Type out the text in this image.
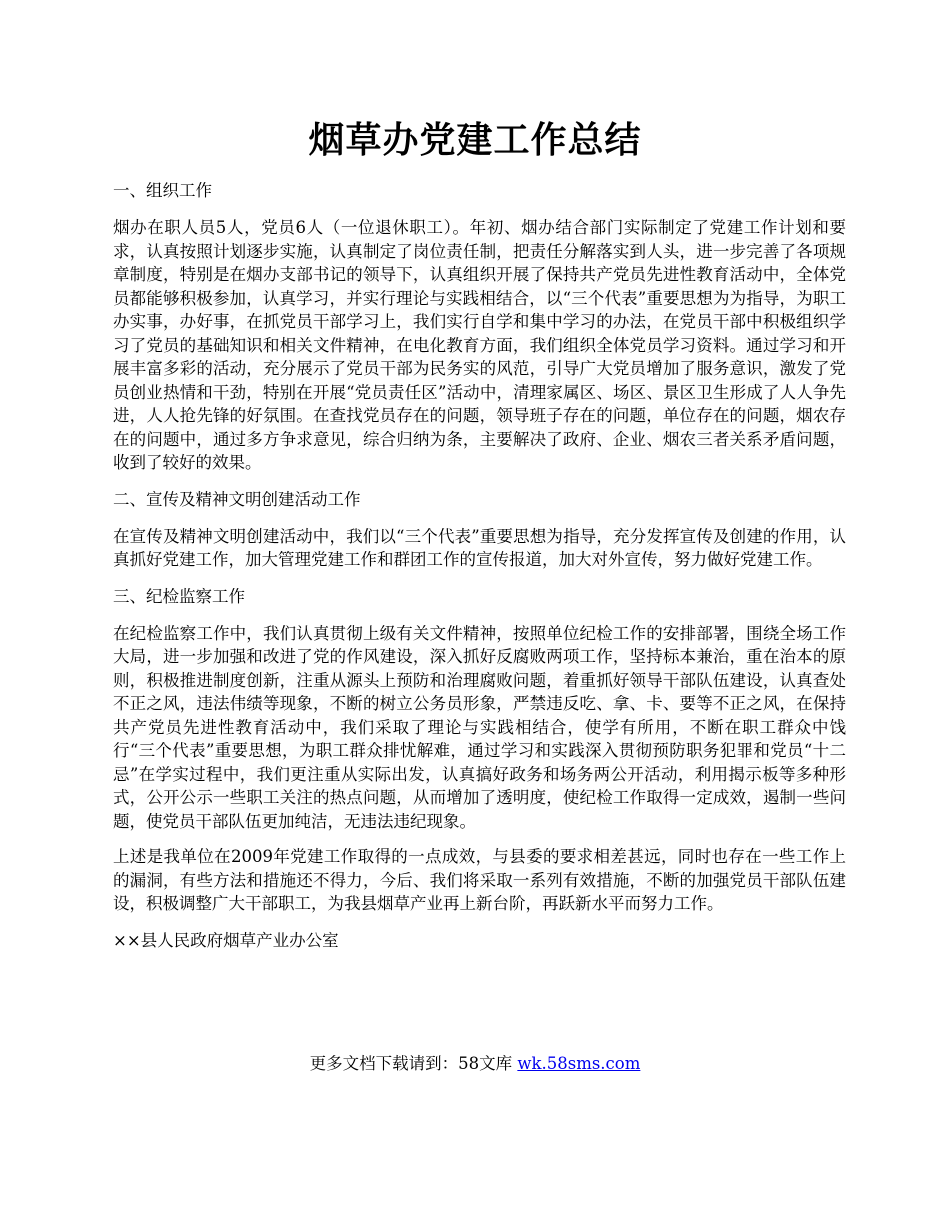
烟草办党建工作总结
一、组织工作

烟办在职人员5人，党员6人（一位退休职工）。年初、烟办结合部门实际制定了党建工作计划和要求，认真按照计划逐步实施，认真制定了岗位责任制，把责任分解落实到人头，进一步完善了各项规章制度，特别是在烟办支部书记的领导下，认真组织开展了保持共产党员先进性教育活动中，全体党员都能够积极参加，认真学习，并实行理论与实践相结合，以“三个代表”重要思想为为指导，为职工办实事，办好事，在抓党员干部学习上，我们实行自学和集中学习的办法，在党员干部中积极组织学习了党员的基础知识和相关文件精神，在电化教育方面，我们组织全体党员学习资料。通过学习和开展丰富多彩的活动，充分展示了党员干部为民务实的风范，引导广大党员增加了服务意识，激发了党员创业热情和干劲，特别在开展“党员责任区”活动中，清理家属区、场区、景区卫生形成了人人争先进，人人抢先锋的好氛围。在查找党员存在的问题，领导班子存在的问题，单位存在的问题，烟农存在的问题中，通过多方争求意见，综合归纳为条，主要解决了政府、企业、烟农三者关系矛盾问题，收到了较好的效果。

二、宣传及精神文明创建活动工作

在宣传及精神文明创建活动中，我们以“三个代表”重要思想为指导，充分发挥宣传及创建的作用，认真抓好党建工作，加大管理党建工作和群团工作的宣传报道，加大对外宣传，努力做好党建工作。

三、纪检监察工作

在纪检监察工作中，我们认真贯彻上级有关文件精神，按照单位纪检工作的安排部署，围绕全场工作大局，进一步加强和改进了党的作风建设，深入抓好反腐败两项工作，坚持标本兼治，重在治本的原则，积极推进制度创新，注重从源头上预防和治理腐败问题，着重抓好领导干部队伍建设，认真查处不正之风，违法伟绩等现象，不断的树立公务员形象，严禁违反吃、拿、卡、要等不正之风，在保持共产党员先进性教育活动中，我们采取了理论与实践相结合，使学有所用，不断在职工群众中饯行“三个代表”重要思想，为职工群众排忧解难，通过学习和实践深入贯彻预防职务犯罪和党员“十二忌”在学实过程中，我们更注重从实际出发，认真搞好政务和场务两公开活动，利用揭示板等多种形式，公开公示一些职工关注的热点问题，从而增加了透明度，使纪检工作取得一定成效，遏制一些问题，使党员干部队伍更加纯洁，无违法违纪现象。

上述是我单位在2009年党建工作取得的一点成效，与县委的要求相差甚远，同时也存在一些工作上的漏洞，有些方法和措施还不得力，今后、我们将采取一系列有效措施，不断的加强党员干部队伍建设，积极调整广大干部职工，为我县烟草产业再上新台阶，再跃新水平而努力工作。

××县人民政府烟草产业办公室
更多文档下载请到：58文库 wk.58sms.com
